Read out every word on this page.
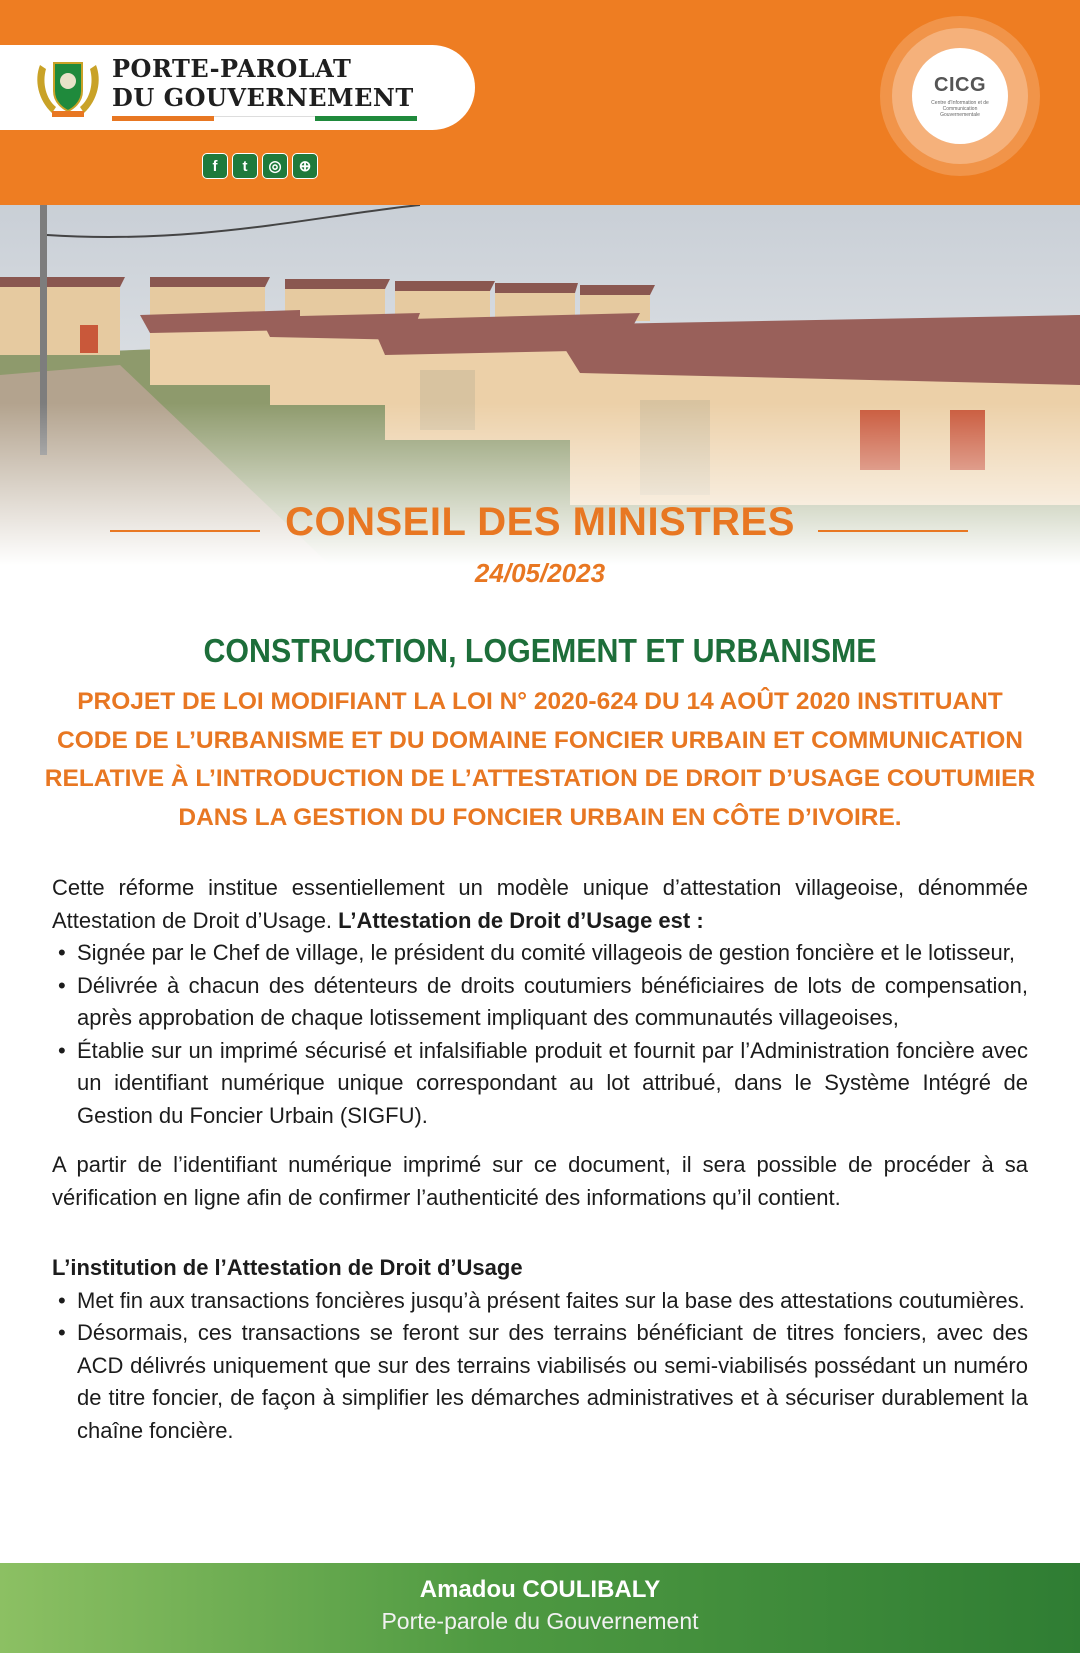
PORTE-PAROLAT
DU GOUVERNEMENT
f	t	◎	⊕
CICG
Centre d'Information et de Communication Gouvernementale
CONSEIL DES MINISTRES
24/05/2023
CONSTRUCTION, LOGEMENT ET URBANISME
PROJET DE LOI MODIFIANT LA LOI N° 2020-624 DU 14 AOÛT 2020 INSTITUANT
CODE DE L’URBANISME ET DU DOMAINE FONCIER URBAIN ET COMMUNICATION
RELATIVE À L’INTRODUCTION DE L’ATTESTATION DE DROIT D’USAGE COUTUMIER
DANS LA GESTION DU FONCIER URBAIN EN CÔTE D’IVOIRE.

Cette réforme institue essentiellement un modèle unique d’attestation villageoise, dénommée Attestation de Droit d’Usage. L’Attestation de Droit d’Usage est :

• Signée par le Chef de village, le président du comité villageois de gestion foncière et le lotisseur,
• Délivrée à chacun des détenteurs de droits coutumiers bénéficiaires de lots de compensation, après approbation de chaque lotissement impliquant des communautés villageoises,
• Établie sur un imprimé sécurisé et infalsifiable produit et fournit par l’Administration foncière avec un identifiant numérique unique correspondant au lot attribué, dans le Système Intégré de Gestion du Foncier Urbain (SIGFU).

A partir de l’identifiant numérique imprimé sur ce document, il sera possible de procéder à sa vérification en ligne afin de confirmer l’authenticité des informations qu’il contient.

L’institution de l’Attestation de Droit d’Usage

• Met fin aux transactions foncières jusqu’à présent faites sur la base des attestations coutumières.
• Désormais, ces transactions se feront sur des terrains bénéficiant de titres fonciers, avec des ACD délivrés uniquement que sur des terrains viabilisés ou semi-viabilisés possédant un numéro de titre foncier, de façon à simplifier les démarches administratives et à sécuriser durablement la chaîne foncière.
Amadou COULIBALY
Porte-parole du Gouvernement
